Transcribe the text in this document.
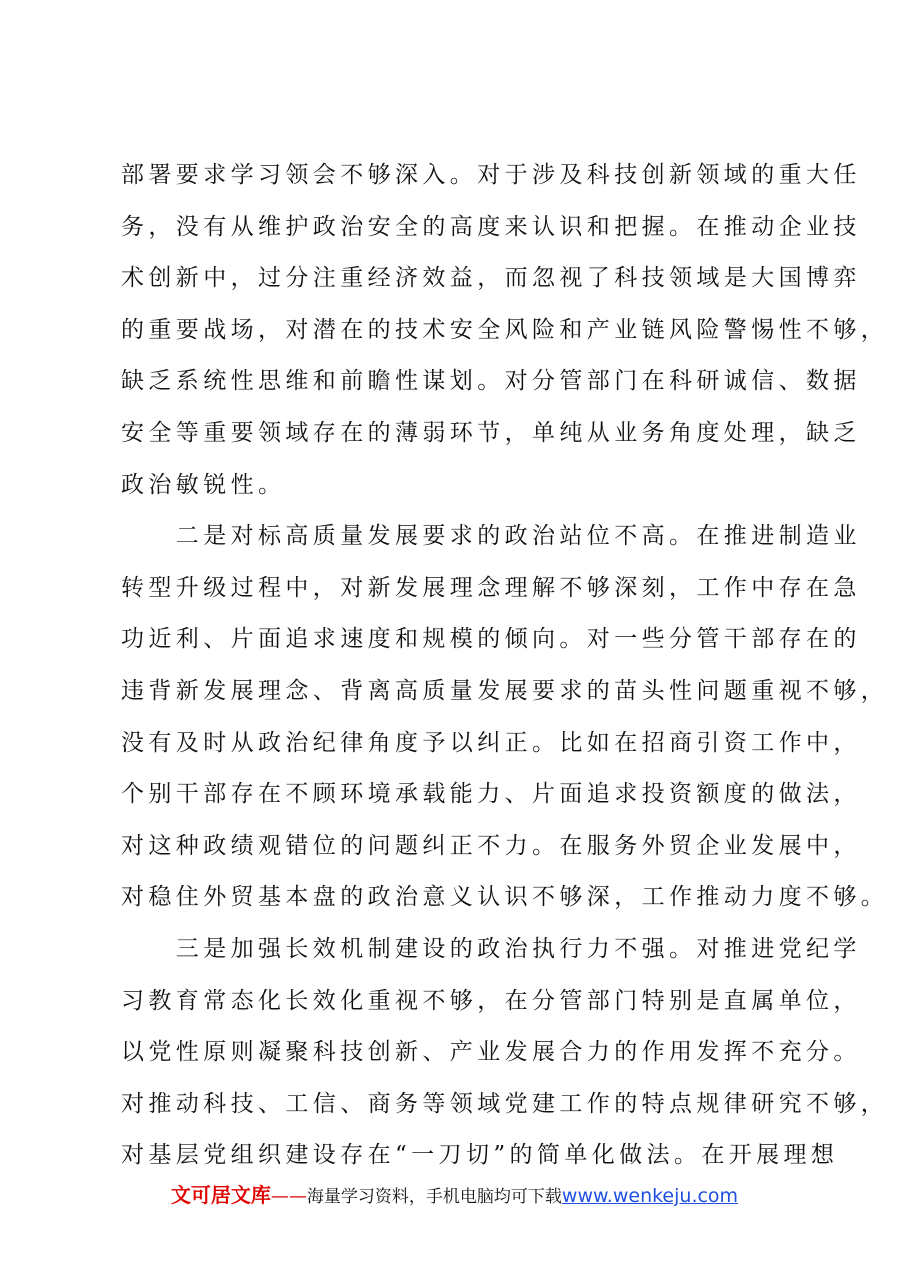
部署要求学习领会不够深入。对于涉及科技创新领域的重大任
务，没有从维护政治安全的高度来认识和把握。在推动企业技
术创新中，过分注重经济效益，而忽视了科技领域是大国博弈
的重要战场，对潜在的技术安全风险和产业链风险警惕性不够，
缺乏系统性思维和前瞻性谋划。对分管部门在科研诚信、数据
安全等重要领域存在的薄弱环节，单纯从业务角度处理，缺乏
政治敏锐性。
　　二是对标高质量发展要求的政治站位不高。在推进制造业
转型升级过程中，对新发展理念理解不够深刻，工作中存在急
功近利、片面追求速度和规模的倾向。对一些分管干部存在的
违背新发展理念、背离高质量发展要求的苗头性问题重视不够，
没有及时从政治纪律角度予以纠正。比如在招商引资工作中，
个别干部存在不顾环境承载能力、片面追求投资额度的做法，
对这种政绩观错位的问题纠正不力。在服务外贸企业发展中，
对稳住外贸基本盘的政治意义认识不够深，工作推动力度不够。
　　三是加强长效机制建设的政治执行力不强。对推进党纪学
习教育常态化长效化重视不够，在分管部门特别是直属单位，
以党性原则凝聚科技创新、产业发展合力的作用发挥不充分。
对推动科技、工信、商务等领域党建工作的特点规律研究不够，
对基层党组织建设存在“一刀切”的简单化做法。在开展理想
文可居文库——海量学习资料，手机电脑均可下载www.wenkeju.com
